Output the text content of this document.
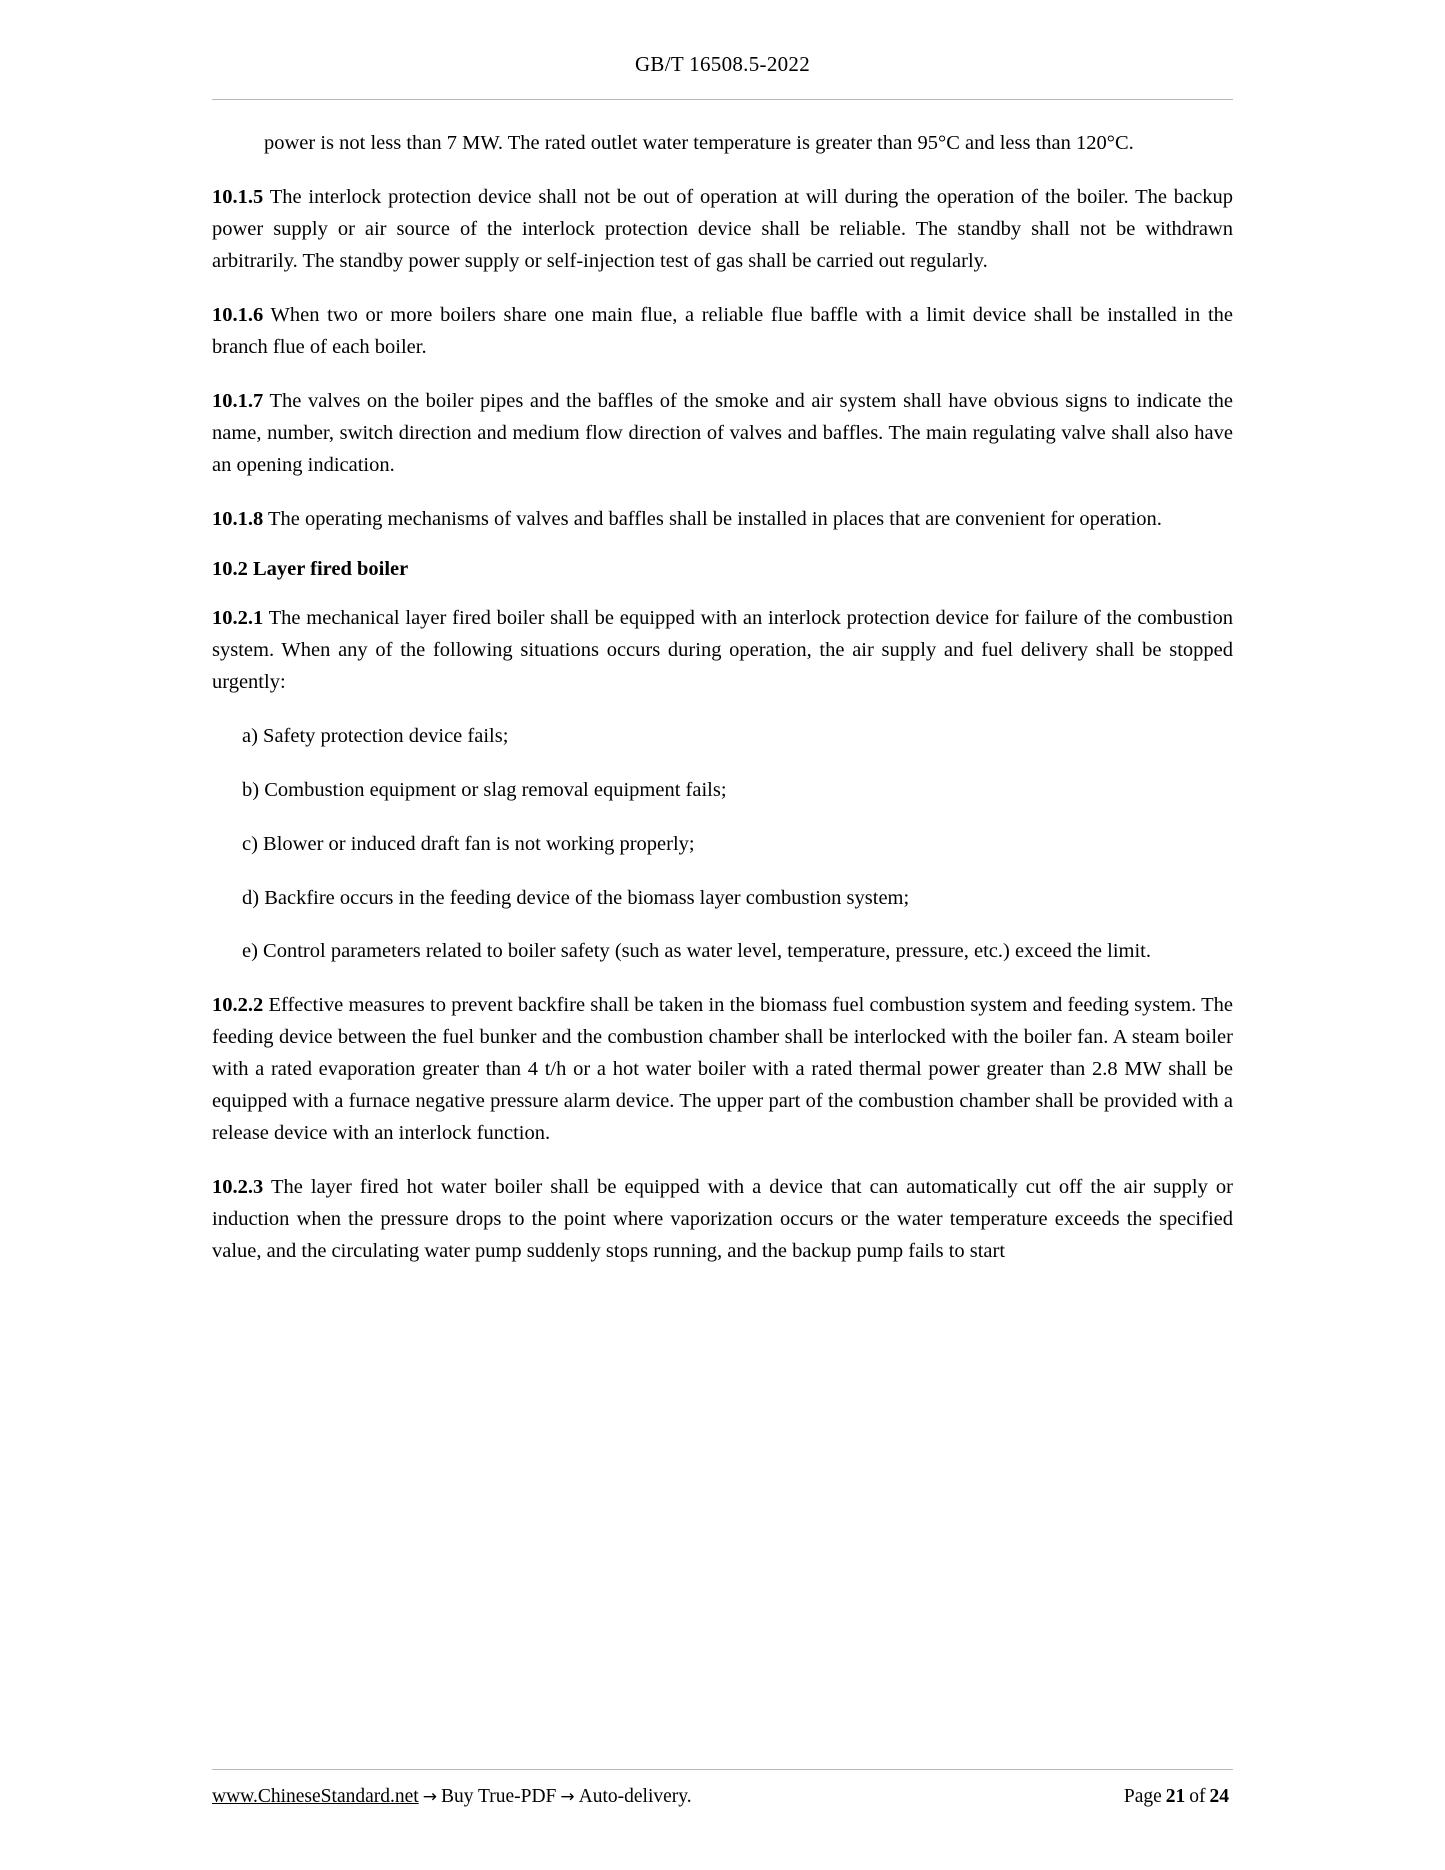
GB/T 16508.5-2022

power is not less than 7 MW. The rated outlet water temperature is greater than 95°C and less than 120°C.

10.1.5 The interlock protection device shall not be out of operation at will during the operation of the boiler. The backup power supply or air source of the interlock protection device shall be reliable. The standby shall not be withdrawn arbitrarily. The standby power supply or self-injection test of gas shall be carried out regularly.

10.1.6 When two or more boilers share one main flue, a reliable flue baffle with a limit device shall be installed in the branch flue of each boiler.

10.1.7 The valves on the boiler pipes and the baffles of the smoke and air system shall have obvious signs to indicate the name, number, switch direction and medium flow direction of valves and baffles. The main regulating valve shall also have an opening indication.

10.1.8 The operating mechanisms of valves and baffles shall be installed in places that are convenient for operation.

10.2 Layer fired boiler

10.2.1 The mechanical layer fired boiler shall be equipped with an interlock protection device for failure of the combustion system. When any of the following situations occurs during operation, the air supply and fuel delivery shall be stopped urgently:

a) Safety protection device fails;

b) Combustion equipment or slag removal equipment fails;

c) Blower or induced draft fan is not working properly;

d) Backfire occurs in the feeding device of the biomass layer combustion system;

e) Control parameters related to boiler safety (such as water level, temperature, pressure, etc.) exceed the limit.

10.2.2 Effective measures to prevent backfire shall be taken in the biomass fuel combustion system and feeding system. The feeding device between the fuel bunker and the combustion chamber shall be interlocked with the boiler fan. A steam boiler with a rated evaporation greater than 4 t/h or a hot water boiler with a rated thermal power greater than 2.8 MW shall be equipped with a furnace negative pressure alarm device. The upper part of the combustion chamber shall be provided with a release device with an interlock function.

10.2.3 The layer fired hot water boiler shall be equipped with a device that can automatically cut off the air supply or induction when the pressure drops to the point where vaporization occurs or the water temperature exceeds the specified value, and the circulating water pump suddenly stops running, and the backup pump fails to start

www.ChineseStandard.net → Buy True-PDF → Auto-delivery.	Page 21 of 24
